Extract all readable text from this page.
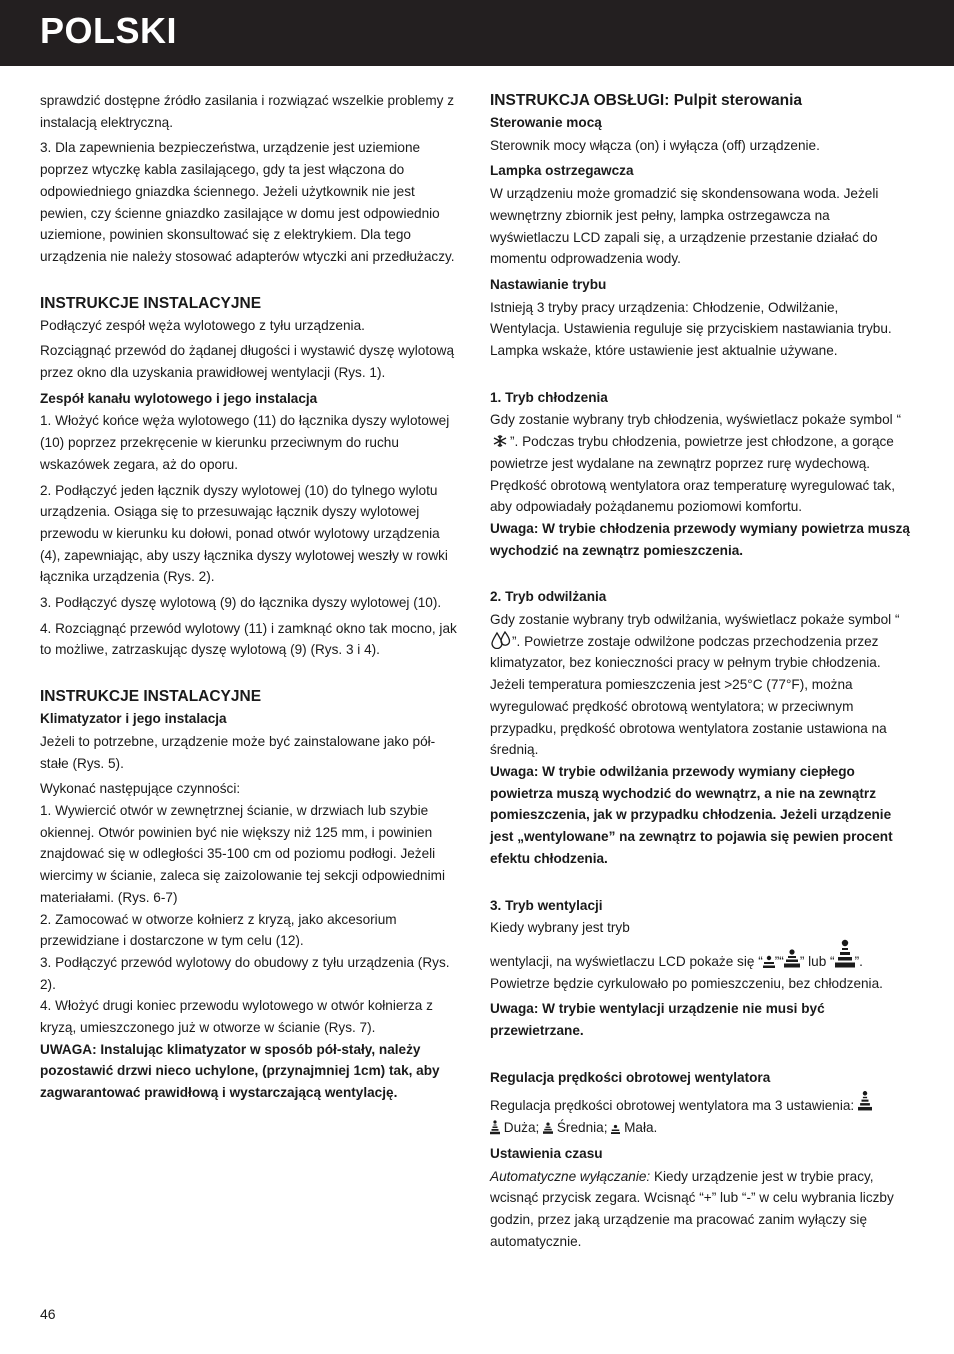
POLSKI

sprawdzić dostępne źródło zasilania i rozwiązać wszelkie problemy z instalacją elektryczną.

3. Dla zapewnienia bezpieczeństwa, urządzenie jest uziemione poprzez wtyczkę kabla zasilającego, gdy ta jest włączona do odpowiedniego gniazdka ściennego. Jeżeli użytkownik nie jest pewien, czy ścienne gniazdko zasilające w domu jest odpowiednio uziemione, powinien skonsultować się z elektrykiem. Dla tego urządzenia nie należy stosować adapterów wtyczki ani przedłużaczy.

INSTRUKCJE INSTALACYJNE

Podłączyć zespół węża wylotowego z tyłu urządzenia.

Rozciągnąć przewód do żądanej długości i wystawić dyszę wylotową przez okno dla uzyskania prawidłowej wentylacji (Rys. 1).

Zespół kanału wylotowego i jego instalacja

1. Włożyć końce węża wylotowego (11) do łącznika dyszy wylotowej (10) poprzez przekręcenie w kierunku przeciwnym do ruchu wskazówek zegara, aż do oporu.

2. Podłączyć jeden łącznik dyszy wylotowej (10) do tylnego wylotu urządzenia. Osiąga się to przesuwając łącznik dyszy wylotowej przewodu w kierunku ku dołowi, ponad otwór wylotowy urządzenia (4), zapewniając, aby uszy łącznika dyszy wylotowej weszły w rowki łącznika urządzenia (Rys. 2).

3. Podłączyć dyszę wylotową (9) do łącznika dyszy wylotowej (10).

4. Rozciągnąć przewód wylotowy (11) i zamknąć okno tak mocno, jak to możliwe, zatrzaskując dyszę wylotową (9) (Rys. 3 i 4).

INSTRUKCJE INSTALACYJNE
Klimatyzator i jego instalacja

Jeżeli to potrzebne, urządzenie może być zainstalowane jako pół-stałe (Rys. 5).

Wykonać następujące czynności:

1. Wywiercić otwór w zewnętrznej ścianie, w drzwiach lub szybie okiennej. Otwór powinien być nie większy niż 125 mm, i powinien znajdować się w odległości 35-100 cm od poziomu podłogi. Jeżeli wiercimy w ścianie, zaleca się zaizolowanie tej sekcji odpowiednimi materiałami. (Rys. 6-7)

2. Zamocować w otworze kołnierz z kryzą, jako akcesorium przewidziane i dostarczone w tym celu (12).

3. Podłączyć przewód wylotowy do obudowy z tyłu urządzenia (Rys. 2).

4. Włożyć drugi koniec przewodu wylotowego w otwór kołnierza z kryzą, umieszczonego już w otworze w ścianie (Rys. 7).

UWAGA: Instalując klimatyzator w sposób pół-stały, należy pozostawić drzwi nieco uchylone, (przynajmniej 1cm) tak, aby zagwarantować prawidłową i wystarczającą wentylację.

INSTRUKCJA OBSŁUGI: Pulpit sterowania
Sterowanie mocą

Sterownik mocy włącza (on) i wyłącza (off) urządzenie.

Lampka ostrzegawcza

W urządzeniu może gromadzić się skondensowana woda. Jeżeli wewnętrzny zbiornik jest pełny, lampka ostrzegawcza na wyświetlaczu LCD zapali się, a urządzenie przestanie działać do momentu odprowadzenia wody.

Nastawianie trybu

Istnieją 3 tryby pracy urządzenia: Chłodzenie, Odwilżanie, Wentylacja. Ustawienia reguluje się przyciskiem nastawiania trybu. Lampka wskaże, które ustawienie jest aktualnie używane.

1. Tryb chłodzenia

Gdy zostanie wybrany tryb chłodzenia, wyświetlacz pokaże symbol “”. Podczas trybu chłodzenia, powietrze jest chłodzone, a gorące powietrze jest wydalane na zewnątrz poprzez rurę wydechową. Prędkość obrotową wentylatora oraz temperaturę wyregulować tak, aby odpowiadały pożądanemu poziomowi komfortu.

Uwaga: W trybie chłodzenia przewody wymiany powietrza muszą wychodzić na zewnątrz pomieszczenia.

2. Tryb odwilżania

Gdy zostanie wybrany tryb odwilżania, wyświetlacz pokaże symbol “”. Powietrze zostaje odwilżone podczas przechodzenia przez klimatyzator, bez konieczności pracy w pełnym trybie chłodzenia. Jeżeli temperatura pomieszczenia jest >25°C (77°F), można wyregulować prędkość obrotową wentylatora; w przeciwnym przypadku, prędkość obrotowa wentylatora zostanie ustawiona na średnią.

Uwaga: W trybie odwilżania przewody wymiany ciepłego powietrza muszą wychodzić do wewnątrz, a nie na zewnątrz pomieszczenia, jak w przypadku chłodzenia. Jeżeli urządzenie jest „wentylowane” na zewnątrz to pojawia się pewien procent efektu chłodzenia.

3. Tryb wentylacji

Kiedy wybrany jest tryb

wentylacji, na wyświetlaczu LCD pokaże się “ ”“ ” lub “ ”.

Powietrze będzie cyrkulowało po pomieszczeniu, bez chłodzenia.

Uwaga: W trybie wentylacji urządzenie nie musi być przewietrzane.

Regulacja prędkości obrotowej wentylatora

Regulacja prędkości obrotowej wentylatora ma 3 ustawienia:

Duża; Średnia; Mała.

Ustawienia czasu

Automatyczne wyłączanie: Kiedy urządzenie jest w trybie pracy, wcisnąć przycisk zegara. Wcisnąć “+” lub “-” w celu wybrania liczby godzin, przez jaką urządzenie ma pracować zanim wyłączy się automatycznie.

46
